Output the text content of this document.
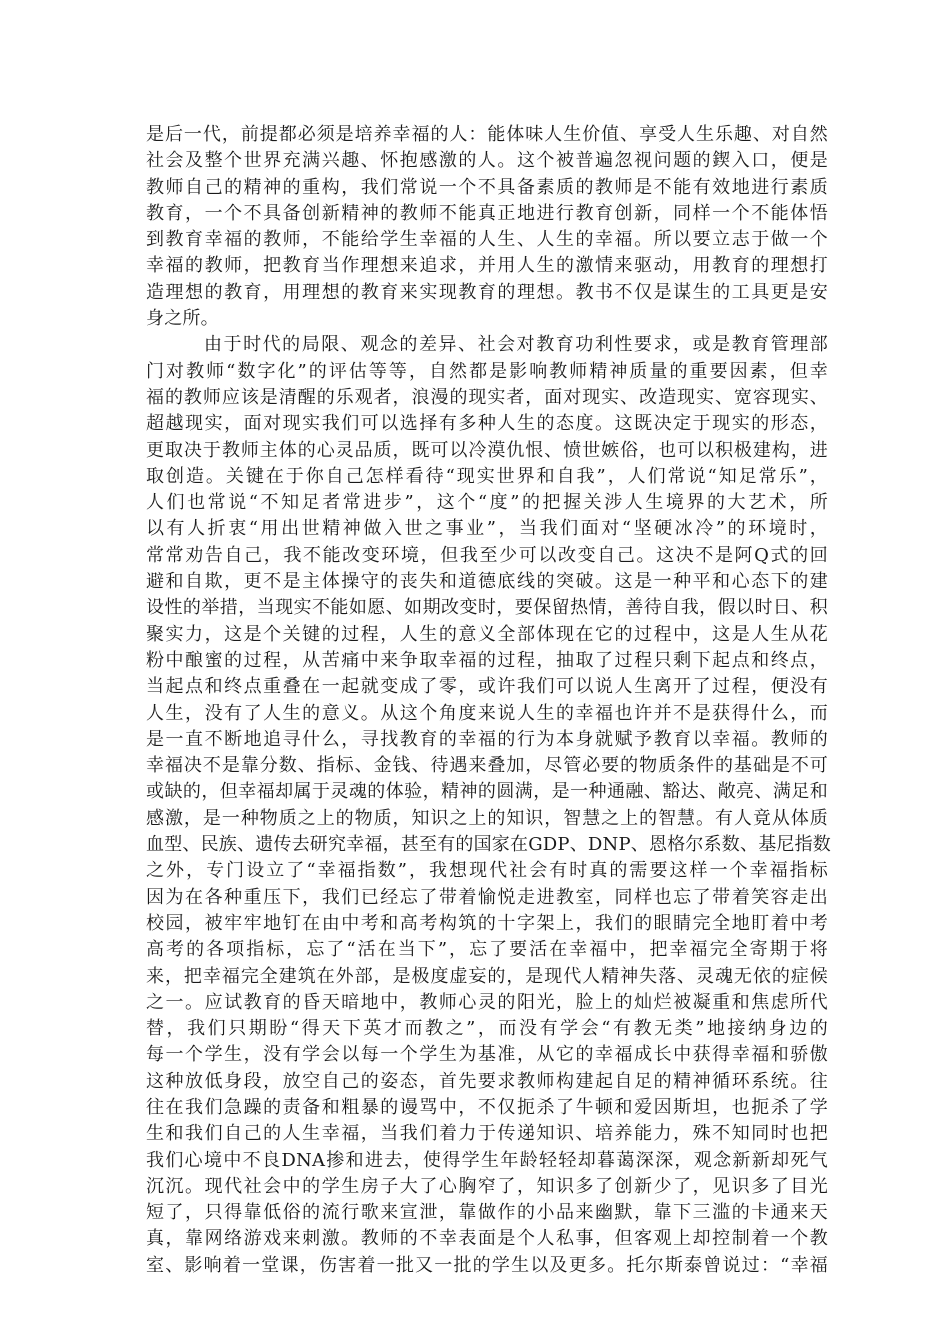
是后一代，前提都必须是培养幸福的人：能体味人生价值、享受人生乐趣、对自然
社会及整个世界充满兴趣、怀抱感激的人。这个被普遍忽视问题的鍥入口，便是
教师自己的精神的重构，我们常说一个不具备素质的教师是不能有效地进行素质
教育，一个不具备创新精神的教师不能真正地进行教育创新，同样一个不能体悟
到教育幸福的教师，不能给学生幸福的人生、人生的幸福。所以要立志于做一个
幸福的教师，把教育当作理想来追求，并用人生的激情来驱动，用教育的理想打
造理想的教育，用理想的教育来实现教育的理想。教书不仅是谋生的工具更是安
身之所。
由于时代的局限、观念的差异、社会对教育功利性要求，或是教育管理部
门对教师“数字化”的评估等等，自然都是影响教师精神质量的重要因素，但幸
福的教师应该是清醒的乐观者，浪漫的现实者，面对现实、改造现实、宽容现实、
超越现实，面对现实我们可以选择有多种人生的态度。这既决定于现实的形态，
更取决于教师主体的心灵品质，既可以冷漠仇恨、愤世嫉俗，也可以积极建构，进
取创造。关键在于你自己怎样看待“现实世界和自我”，人们常说“知足常乐”，
人们也常说“不知足者常进步”，这个“度”的把握关涉人生境界的大艺术，所
以有人折衷“用出世精神做入世之事业”，当我们面对“坚硬冰冷”的环境时，
常常劝告自己，我不能改变环境，但我至少可以改变自己。这决不是阿Q式的回
避和自欺，更不是主体操守的丧失和道德底线的突破。这是一种平和心态下的建
设性的举措，当现实不能如愿、如期改变时，要保留热情，善待自我，假以时日、积
聚实力，这是个关键的过程，人生的意义全部体现在它的过程中，这是人生从花
粉中酿蜜的过程，从苦痛中来争取幸福的过程，抽取了过程只剩下起点和终点，
当起点和终点重叠在一起就变成了零，或许我们可以说人生离开了过程，便没有
人生，没有了人生的意义。从这个角度来说人生的幸福也许并不是获得什么，而
是一直不断地追寻什么，寻找教育的幸福的行为本身就赋予教育以幸福。教师的
幸福决不是靠分数、指标、金钱、待遇来叠加，尽管必要的物质条件的基础是不可
或缺的，但幸福却属于灵魂的体验，精神的圆满，是一种通融、豁达、敞亮、满足和
感激，是一种物质之上的物质，知识之上的知识，智慧之上的智慧。有人竟从体质
血型、民族、遗传去研究幸福，甚至有的国家在GDP、DNP、恩格尔系数、基尼指数
之外，专门设立了“幸福指数”，我想现代社会有时真的需要这样一个幸福指标
因为在各种重压下，我们已经忘了带着愉悦走进教室，同样也忘了带着笑容走出
校园，被牢牢地钉在由中考和高考构筑的十字架上，我们的眼睛完全地盯着中考
高考的各项指标，忘了“活在当下”，忘了要活在幸福中，把幸福完全寄期于将
来，把幸福完全建筑在外部，是极度虚妄的，是现代人精神失落、灵魂无依的症候
之一。应试教育的昏天暗地中，教师心灵的阳光，脸上的灿烂被凝重和焦虑所代
替，我们只期盼“得天下英才而教之”，而没有学会“有教无类”地接纳身边的
每一个学生，没有学会以每一个学生为基准，从它的幸福成长中获得幸福和骄傲
这种放低身段，放空自己的姿态，首先要求教师构建起自足的精神循环系统。往
往在我们急躁的责备和粗暴的谩骂中，不仅扼杀了牛顿和爱因斯坦，也扼杀了学
生和我们自己的人生幸福，当我们着力于传递知识、培养能力，殊不知同时也把
我们心境中不良DNA掺和进去，使得学生年龄轻轻却暮蔼深深，观念新新却死气
沉沉。现代社会中的学生房子大了心胸窄了，知识多了创新少了，见识多了目光
短了，只得靠低俗的流行歌来宣泄，靠做作的小品来幽默，靠下三滥的卡通来天
真，靠网络游戏来刺激。教师的不幸表面是个人私事，但客观上却控制着一个教
室、影响着一堂课，伤害着一批又一批的学生以及更多。托尔斯泰曾说过：“幸福
